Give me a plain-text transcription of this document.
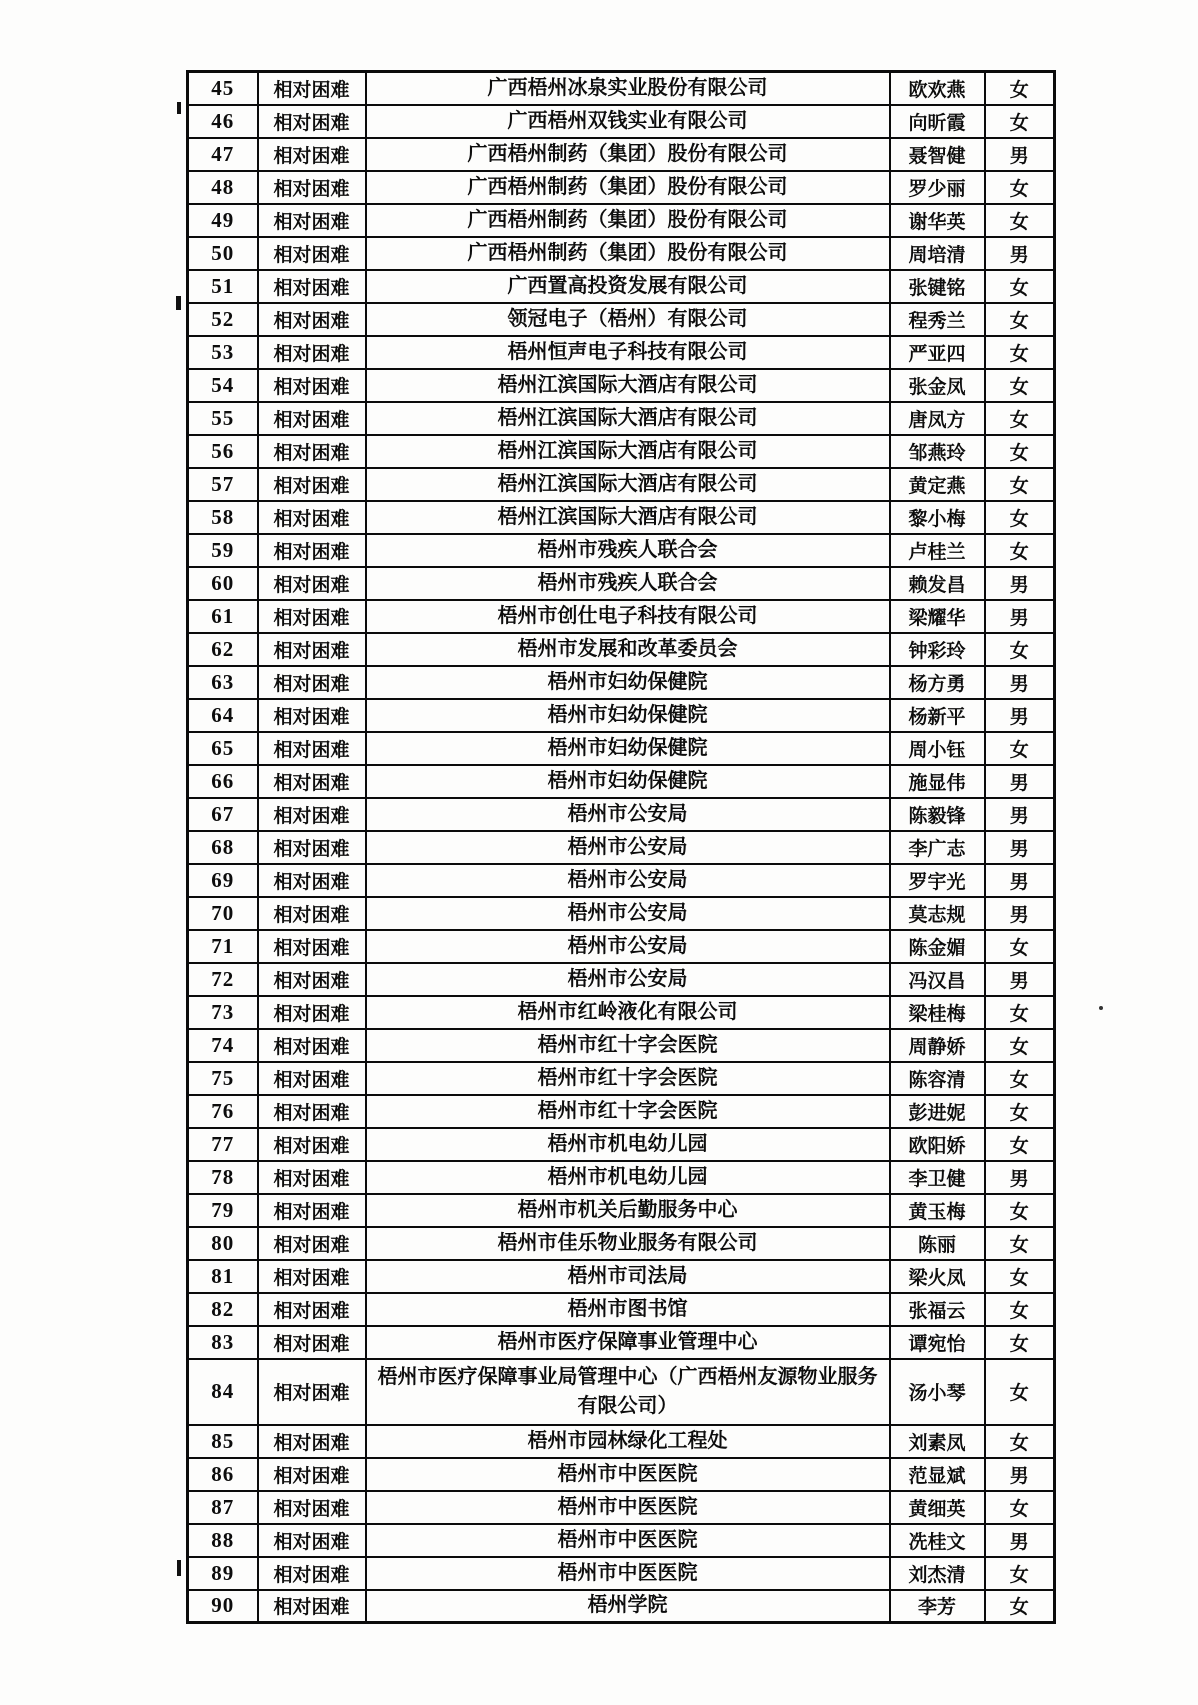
45	相对困难	广西梧州冰泉实业股份有限公司	欧欢燕	女
46	相对困难	广西梧州双钱实业有限公司	向昕霞	女
47	相对困难	广西梧州制药（集团）股份有限公司	聂智健	男
48	相对困难	广西梧州制药（集团）股份有限公司	罗少丽	女
49	相对困难	广西梧州制药（集团）股份有限公司	谢华英	女
50	相对困难	广西梧州制药（集团）股份有限公司	周培清	男
51	相对困难	广西置高投资发展有限公司	张键铭	女
52	相对困难	领冠电子（梧州）有限公司	程秀兰	女
53	相对困难	梧州恒声电子科技有限公司	严亚四	女
54	相对困难	梧州江滨国际大酒店有限公司	张金凤	女
55	相对困难	梧州江滨国际大酒店有限公司	唐凤方	女
56	相对困难	梧州江滨国际大酒店有限公司	邹燕玲	女
57	相对困难	梧州江滨国际大酒店有限公司	黄定燕	女
58	相对困难	梧州江滨国际大酒店有限公司	黎小梅	女
59	相对困难	梧州市残疾人联合会	卢桂兰	女
60	相对困难	梧州市残疾人联合会	赖发昌	男
61	相对困难	梧州市创仕电子科技有限公司	梁耀华	男
62	相对困难	梧州市发展和改革委员会	钟彩玲	女
63	相对困难	梧州市妇幼保健院	杨方勇	男
64	相对困难	梧州市妇幼保健院	杨新平	男
65	相对困难	梧州市妇幼保健院	周小钰	女
66	相对困难	梧州市妇幼保健院	施显伟	男
67	相对困难	梧州市公安局	陈毅锋	男
68	相对困难	梧州市公安局	李广志	男
69	相对困难	梧州市公安局	罗宇光	男
70	相对困难	梧州市公安局	莫志规	男
71	相对困难	梧州市公安局	陈金媚	女
72	相对困难	梧州市公安局	冯汉昌	男
73	相对困难	梧州市红岭液化有限公司	梁桂梅	女
74	相对困难	梧州市红十字会医院	周静娇	女
75	相对困难	梧州市红十字会医院	陈容清	女
76	相对困难	梧州市红十字会医院	彭进妮	女
77	相对困难	梧州市机电幼儿园	欧阳娇	女
78	相对困难	梧州市机电幼儿园	李卫健	男
79	相对困难	梧州市机关后勤服务中心	黄玉梅	女
80	相对困难	梧州市佳乐物业服务有限公司	陈丽	女
81	相对困难	梧州市司法局	梁火凤	女
82	相对困难	梧州市图书馆	张福云	女
83	相对困难	梧州市医疗保障事业管理中心	谭宛怡	女
84	相对困难	梧州市医疗保障事业局管理中心（广西梧州友源物业服务有限公司）	汤小琴	女
85	相对困难	梧州市园林绿化工程处	刘素凤	女
86	相对困难	梧州市中医医院	范显斌	男
87	相对困难	梧州市中医医院	黄细英	女
88	相对困难	梧州市中医医院	冼桂文	男
89	相对困难	梧州市中医医院	刘杰清	女
90	相对困难	梧州学院	李芳	女
